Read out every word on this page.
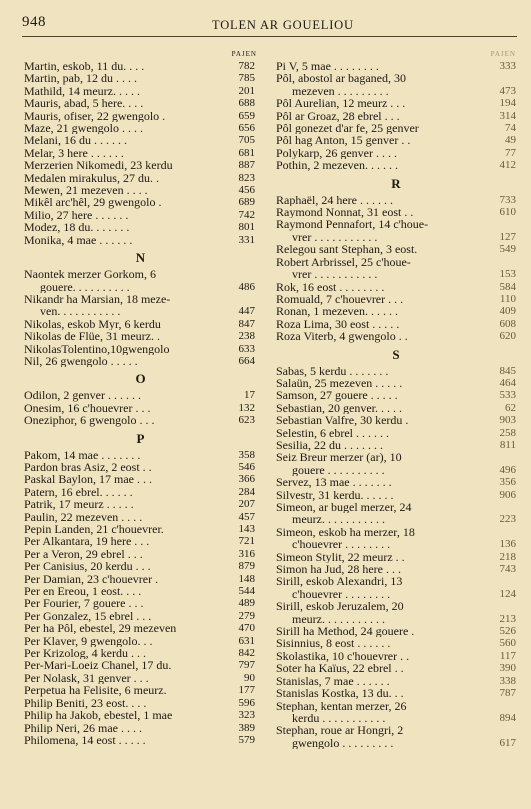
948	TOLEN AR GOUELIOU
PAJEN
Martin, eskob, 11 du. . . .	782
Martin, pab, 12 du . . . .	785
Mathild, 14 meurz. . . . .	201
Mauris, abad, 5 here. . . .	688
Mauris, ofiser, 22 gwengolo .	659
Maze, 21 gwengolo . . . .	656
Melani, 16 du . . . . . .	705
Melar, 3 here . . . . . .	681
Merzerien Nikomedi, 23 kerdu	887
Medalen mirakulus, 27 du. .	823
Mewen, 21 mezeven . . . .	456
Mikêl arc'hêl, 29 gwengolo .	689
Milio, 27 here . . . . . .	742
Modez, 18 du. . . . . . .	801
Monika, 4 mae . . . . . .	331
N
Naontek merzer Gorkom, 6
gouere. . . . . . . . . .	486
Nikandr ha Marsian, 18 meze-
ven. . . . . . . . . . .	447
Nikolas, eskob Myr, 6 kerdu	847
Nikolas de Flüe, 31 meurz. .	238
NikolasTolentino,10gwengolo	633
Nil, 26 gwengolo . . . . .	664
O
Odilon, 2 genver . . . . . .	17
Onesim, 16 c'houevrer . . .	132
Oneziphor, 6 gwengolo . . .	623
P
Pakom, 14 mae . . . . . . .	358
Pardon bras Asiz, 2 eost . .	546
Paskal Baylon, 17 mae . . .	366
Patern, 16 ebrel. . . . . .	284
Patrik, 17 meurz . . . . .	207
Paulin, 22 mezeven . . . .	457
Pepin Landen, 21 c'houevrer.	143
Per Alkantara, 19 here . . .	721
Per a Veron, 29 ebrel . . .	316
Per Canisius, 20 kerdu . . .	879
Per Damian, 23 c'houevrer .	148
Per en Ereou, 1 eost. . . .	544
Per Fourier, 7 gouere . . .	489
Per Gonzalez, 15 ebrel . . .	279
Per ha Pôl, ebestel, 29 mezeven	470
Per Klaver, 9 gwengolo. . .	631
Per Krizolog, 4 kerdu . . .	842
Per-Mari-Loeiz Chanel, 17 du.	797
Per Nolask, 31 genver . . .	90
Perpetua ha Felisite, 6 meurz.	177
Philip Beniti, 23 eost. . . .	596
Philip ha Jakob, ebestel, 1 mae	323
Philip Neri, 26 mae . . . .	389
Philomena, 14 eost . . . . .	579
PAJEN
Pi V, 5 mae . . . . . . . .	333
Pôl, abostol ar baganed, 30
mezeven . . . . . . . . .	473
Pôl Aurelian, 12 meurz . . .	194
Pôl ar Groaz, 28 ebrel . . .	314
Pôl gonezet d'ar fe, 25 genver	74
Pôl hag Anton, 15 genver . .	49
Polykarp, 26 genver . . . .	77
Pothin, 2 mezeven. . . . . .	412
R
Raphaël, 24 here . . . . . .	733
Raymond Nonnat, 31 eost . .	610
Raymond Pennafort, 14 c'houe-
vrer . . . . . . . . . . .	127
Relegou sant Stephan, 3 eost.	549
Robert Arbrissel, 25 c'houe-
vrer . . . . . . . . . . .	153
Rok, 16 eost . . . . . . . .	584
Romuald, 7 c'houevrer . . .	110
Ronan, 1 mezeven. . . . . .	409
Roza Lima, 30 eost . . . . .	608
Roza Viterb, 4 gwengolo . .	620
S
Sabas, 5 kerdu . . . . . . .	845
Salaün, 25 mezeven . . . . .	464
Samson, 27 gouere . . . . .	533
Sebastian, 20 genver. . . . .	62
Sebastian Valfre, 30 kerdu .	903
Selestin, 6 ebrel . . . . . .	258
Sesilia, 22 du . . . . . . .	811
Seiz Breur merzer (ar), 10
gouere . . . . . . . . . .	496
Servez, 13 mae . . . . . . .	356
Silvestr, 31 kerdu. . . . . .	906
Simeon, ar bugel merzer, 24
meurz. . . . . . . . . . .	223
Simeon, eskob ha merzer, 18
c'houevrer . . . . . . . .	136
Simeon Stylit, 22 meurz . .	218
Simon ha Jud, 28 here . . .	743
Sirill, eskob Alexandri, 13
c'houevrer . . . . . . . .	124
Sirill, eskob Jeruzalem, 20
meurz. . . . . . . . . . .	213
Sirill ha Method, 24 gouere .	526
Sisinnius, 8 eost . . . . . .	560
Skolastika, 10 c'houevrer . .	117
Soter ha Kaïus, 22 ebrel . .	390
Stanislas, 7 mae . . . . . .	338
Stanislas Kostka, 13 du. . .	787
Stephan, kentan merzer, 26
kerdu . . . . . . . . . . .	894
Stephan, roue ar Hongri, 2
gwengolo . . . . . . . . .	617
